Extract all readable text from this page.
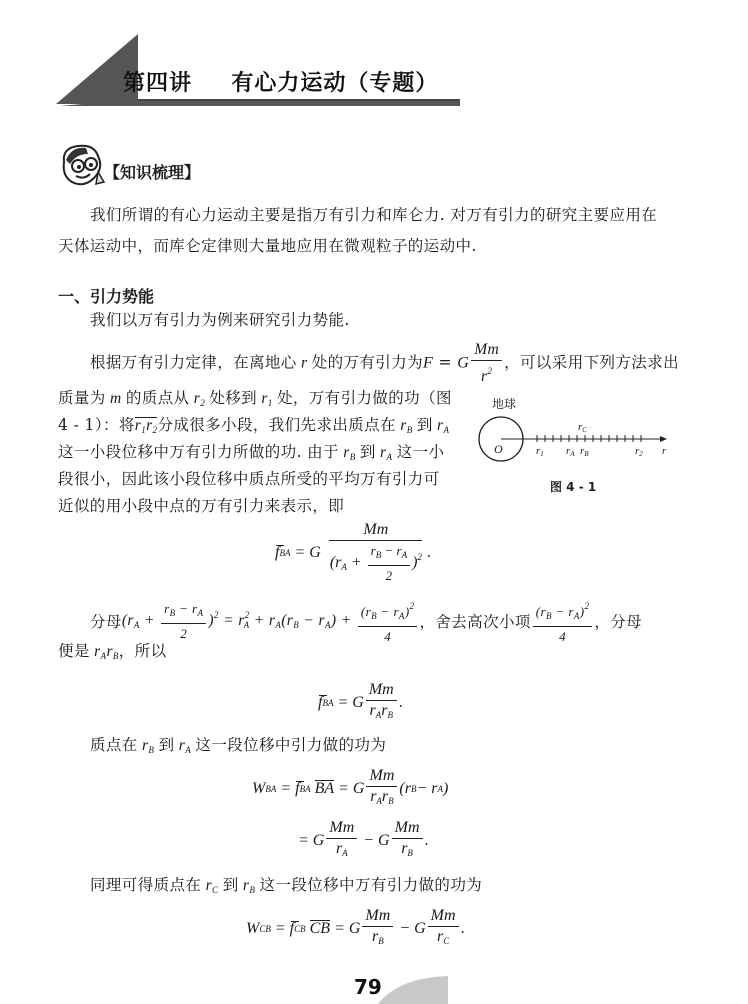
第四讲 有心力运动（专题）
【知识梳理】
我们所谓的有心力运动主要是指万有引力和库仑力. 对万有引力的研究主要应用在
天体运动中，而库仑定律则大量地应用在微观粒子的运动中.
一、引力势能
我们以万有引力为例来研究引力势能.
根据万有引力定律，在离地心 r 处的万有引力为F = G $\frac{Mm}{r^2}$ ，可以采用下列方法求出
质量为 m 的质点从 $r_2$ 处移到 $r_1$ 处，万有引力做的功（图
4 - 1）：将$r_1r_2$分成很多小段，我们先求出质点在 $r_B$ 到 $r_A$
这一小段位移中万有引力所做的功. 由于 $r_B$ 到 $r_A$ 这一小
段很小，因此该小段位移中质点所受的平均万有引力可
近似的用小段中点的万有引力来表示，即
地球
O	r1 rA rB
rC
r2 r
图 4 - 1
f BA = G $\frac{Mm}{(r_A + \frac{r_B - r_A}{2} )^2}$ .
分母 $(r_A + \frac{r_B - r_A}{2} )^2 = r^2_A + r_A(r_B - r_A) + \frac{(r_B - r_A)^2}{4}$ ，舍去高次小项 $\frac{(r_B - r_A)^2}{4}$ ，分母
便是 $r_Ar_B$，所以
f BA = G $\frac{Mm}{r_Ar_B}$ .
质点在 $r_B$ 到 $r_A$ 这一段位移中引力做的功为
W BA = f BA
BA = G $\frac{Mm}{r_Ar_B} (r$ B − r A )
= G $\frac{Mm}{r_A} - G \frac{Mm}{r_B}$ .
同理可得质点在 $r_C$ 到 $r_B$ 这一段位移中万有引力做的功为
W CB = f CB
CB = G $\frac{Mm}{r_B} - G \frac{Mm}{r_C}$ .
79
